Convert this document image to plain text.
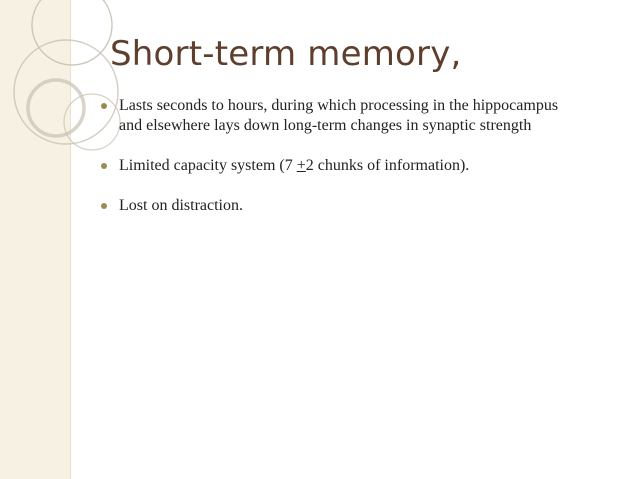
Short-term memory,
Lasts seconds to hours, during which processing in the hippocampus and elsewhere lays down long-term changes in synaptic strength
Limited capacity system (7 +2 chunks of information).
Lost on distraction.
